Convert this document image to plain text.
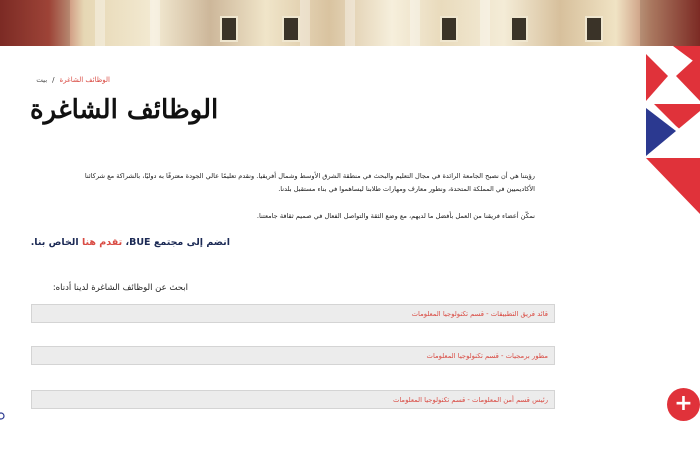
الوظائف الشاغرة/بيت
الوظائف الشاغرة

رؤيتنا هي أن نصبح الجامعة الرائدة في مجال التعليم والبحث في منطقة الشرق الأوسط وشمال أفريقيا. ونقدم تعليمًا عالي الجودة معترفًا به دوليًا، بالشراكة مع شركائنا الأكاديميين في المملكة المتحدة، ونطور معارف ومهارات طلابنا ليساهموا في بناء مستقبل بلدنا.

نمكّن أعضاء فريقنا من العمل بأفضل ما لديهم، مع وضع الثقة والتواصل الفعال في صميم ثقافة جامعتنا.

انضم إلى مجتمع BUE، تقدم هنا الخاص بنا.

ابحث عن الوظائف الشاغرة لدينا أدناه:

قائد فريق التطبيقات - قسم تكنولوجيا المعلومات
مطور برمجيات - قسم تكنولوجيا المعلومات
رئيس قسم أمن المعلومات - قسم تكنولوجيا المعلومات	+
